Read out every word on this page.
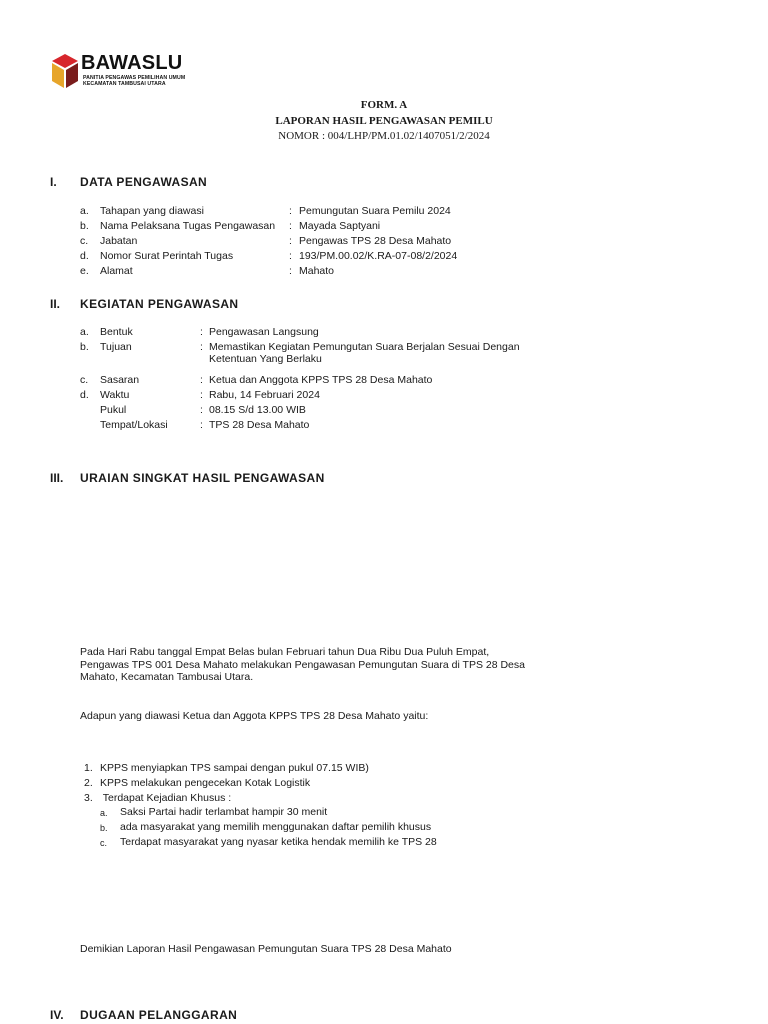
BAWASLU
PANITIA PENGAWAS PEMILIHAN UMUM
KECAMATAN TAMBUSAI UTARA
FORM. A
LAPORAN HASIL PENGAWASAN PEMILU
NOMOR : 004/LHP/PM.01.02/1407051/2/2024
I. DATA PENGAWASAN
a. Tahapan yang diawasi	: Pemungutan Suara Pemilu 2024
b. Nama Pelaksana Tugas Pengawasan : Mayada Saptyani
c. Jabatan	: Pengawas TPS 28 Desa Mahato
d. Nomor Surat Perintah Tugas	: 193/PM.00.02/K.RA-07-08/2/2024
e. Alamat	: Mahato
II. KEGIATAN PENGAWASAN
a. Bentuk	: Pengawasan Langsung
b. Tujuan	: Memastikan Kegiatan Pemungutan Suara Berjalan Sesuai Dengan
Ketentuan Yang Berlaku
c. Sasaran	: Ketua dan Anggota KPPS TPS 28 Desa Mahato
d. Waktu	: Rabu, 14 Februari 2024
Pukul	: 08.15 S/d 13.00 WIB
Tempat/Lokasi	: TPS 28 Desa Mahato
III. URAIAN SINGKAT HASIL PENGAWASAN
Pada Hari Rabu tanggal Empat Belas bulan Februari tahun Dua Ribu Dua Puluh Empat,
Pengawas TPS 001 Desa Mahato melakukan Pengawasan Pemungutan Suara di TPS 28 Desa
Mahato, Kecamatan Tambusai Utara.
Adapun yang diawasi Ketua dan Aggota KPPS TPS 28 Desa Mahato yaitu:
1. KPPS menyiapkan TPS sampai dengan pukul 07.15 WIB)
2. KPPS melakukan pengecekan Kotak Logistik
3. Terdapat Kejadian Khusus :
a. Saksi Partai hadir terlambat hampir 30 menit
b. ada masyarakat yang memilih menggunakan daftar pemilih khusus
c. Terdapat masyarakat yang nyasar ketika hendak memilih ke TPS 28
Demikian Laporan Hasil Pengawasan Pemungutan Suara TPS 28 Desa Mahato
IV. DUGAAN PELANGGARAN
